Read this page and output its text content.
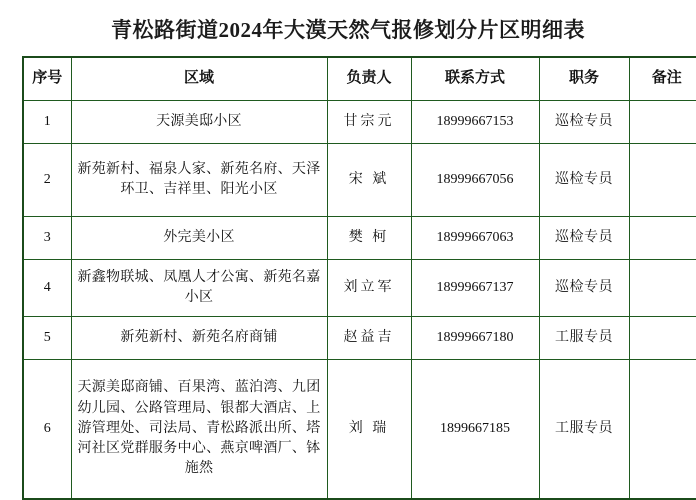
青松路街道2024年大漠天然气报修划分片区明细表
序号	区域	负责人	联系方式	职务	备注
1	天源美邸小区	甘宗元	18999667153	巡检专员	
2	新苑新村、福泉人家、新苑名府、天泽环卫、吉祥里、阳光小区	宋 斌	18999667056	巡检专员	
3	外完美小区	樊 柯	18999667063	巡检专员	
4	新鑫物联城、凤凰人才公寓、新苑名嘉小区	刘立军	18999667137	巡检专员	
5	新苑新村、新苑名府商铺	赵益吉	18999667180	工服专员	
6	天源美邸商铺、百果湾、蓝泊湾、九团幼儿园、公路管理局、银都大酒店、上游管理处、司法局、青松路派出所、塔河社区党群服务中心、燕京啤酒厂、钵施然	刘 瑞	1899667185	工服专员	
